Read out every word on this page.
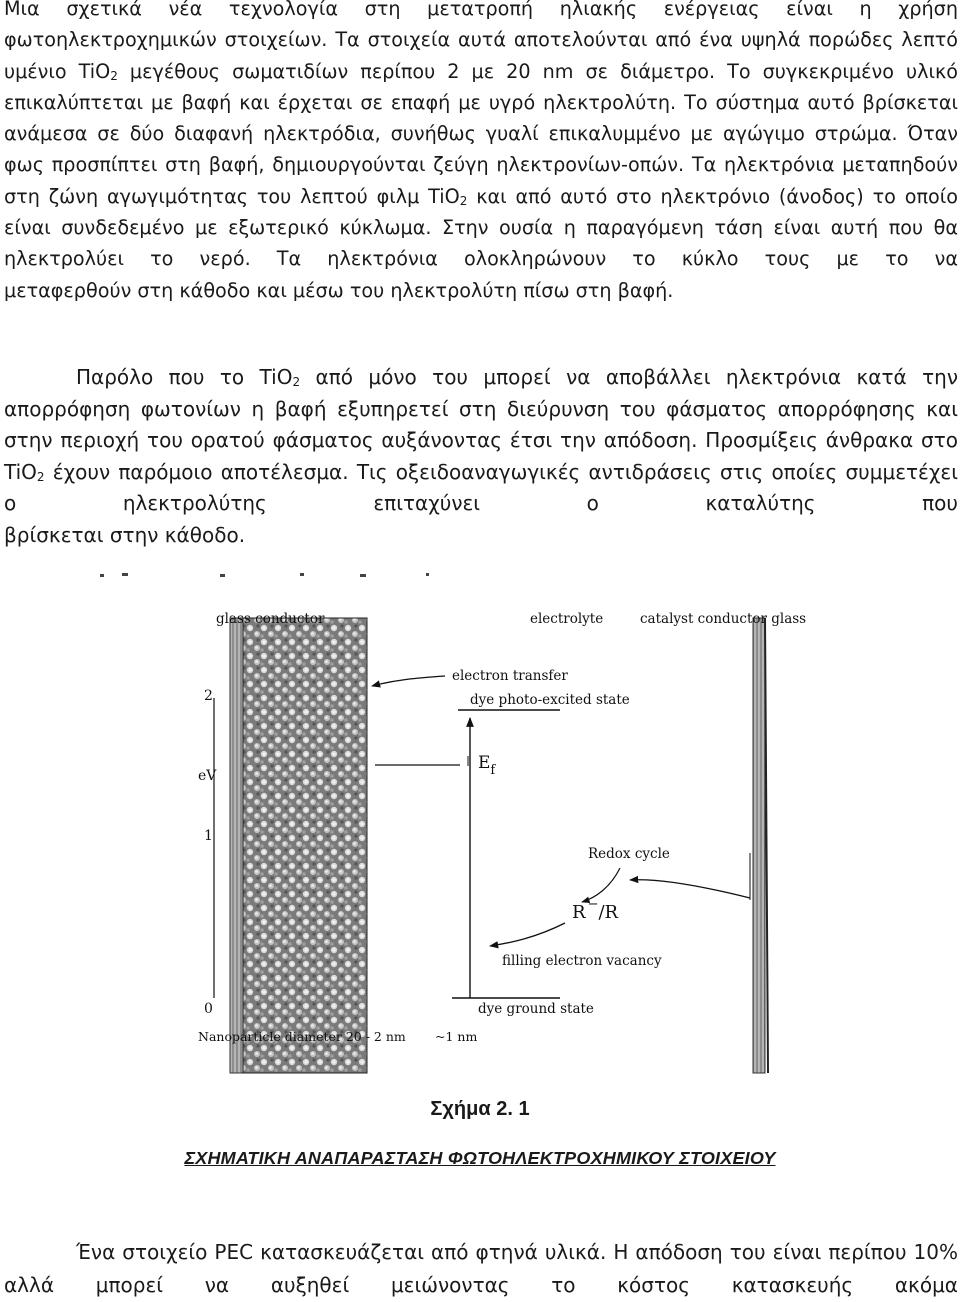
Μια σχετικά νέα τεχνολογία στη μετατροπή ηλιακής ενέργειας είναι η χρήση φωτοηλεκτροχημικών στοιχείων. Τα στοιχεία αυτά αποτελούνται από ένα υψηλά πορώδες λεπτό υμένιο TiO$_2$ μεγέθους σωματιδίων περίπου 2 με 20 nm σε διάμετρο. Το συγκεκριμένο υλικό επικαλύπτεται με βαφή και έρχεται σε επαφή με υγρό ηλεκτρολύτη. Το σύστημα αυτό βρίσκεται ανάμεσα σε δύο διαφανή ηλεκτρόδια, συνήθως γυαλί επικαλυμμένο με αγώγιμο στρώμα. Όταν φως προσπίπτει στη βαφή, δημιουργούνται ζεύγη ηλεκτρονίων-οπών. Τα ηλεκτρόνια μεταπηδούν στη ζώνη αγωγιμότητας του λεπτού φιλμ TiO$_2$ και από αυτό στο ηλεκτρόνιο (άνοδος) το οποίο είναι συνδεδεμένο με εξωτερικό κύκλωμα. Στην ουσία η παραγόμενη τάση είναι αυτή που θα ηλεκτρολύει το νερό. Τα ηλεκτρόνια ολοκληρώνουν το κύκλο τους με το να
μεταφερθούν στη κάθοδο και μέσω του ηλεκτρολύτη πίσω στη βαφή.

Παρόλο που το TiO$_2$ από μόνο του μπορεί να αποβάλλει ηλεκτρόνια κατά την απορρόφηση φωτονίων η βαφή εξυπηρετεί στη διεύρυνση του φάσματος απορρόφησης και στην περιοχή του ορατού φάσματος αυξάνοντας έτσι την απόδοση. Προσμίξεις άνθρακα στο TiO$_2$ έχουν παρόμοιο αποτέλεσμα. Τις οξειδοαναγωγικές αντιδράσεις στις οποίες συμμετέχει ο ηλεκτρολύτης επιταχύνει ο καταλύτης που
βρίσκεται στην κάθοδο.

2
1
eV
0
glass conductor	electrolyte	catalyst conductor glass
electron transfer
dye photo-excited state
$E_f$
Redox cycle
R −/R
filling electron vacancy
dye ground state
Nanoparticle diameter 20 - 2 nm ~1 nm

Σχήμα 2. 1

ΣΧΗΜΑΤΙΚΗ ΑΝΑΠΑΡΑΣΤΑΣΗ ΦΩΤΟΗΛΕΚΤΡΟΧΗΜΙΚΟΥ ΣΤΟΙΧΕΙΟΥ

Ένα στοιχείο PEC κατασκευάζεται από φτηνά υλικά. Η απόδοση του είναι περίπου 10% αλλά μπορεί να αυξηθεί μειώνοντας το κόστος κατασκευής ακόμα
